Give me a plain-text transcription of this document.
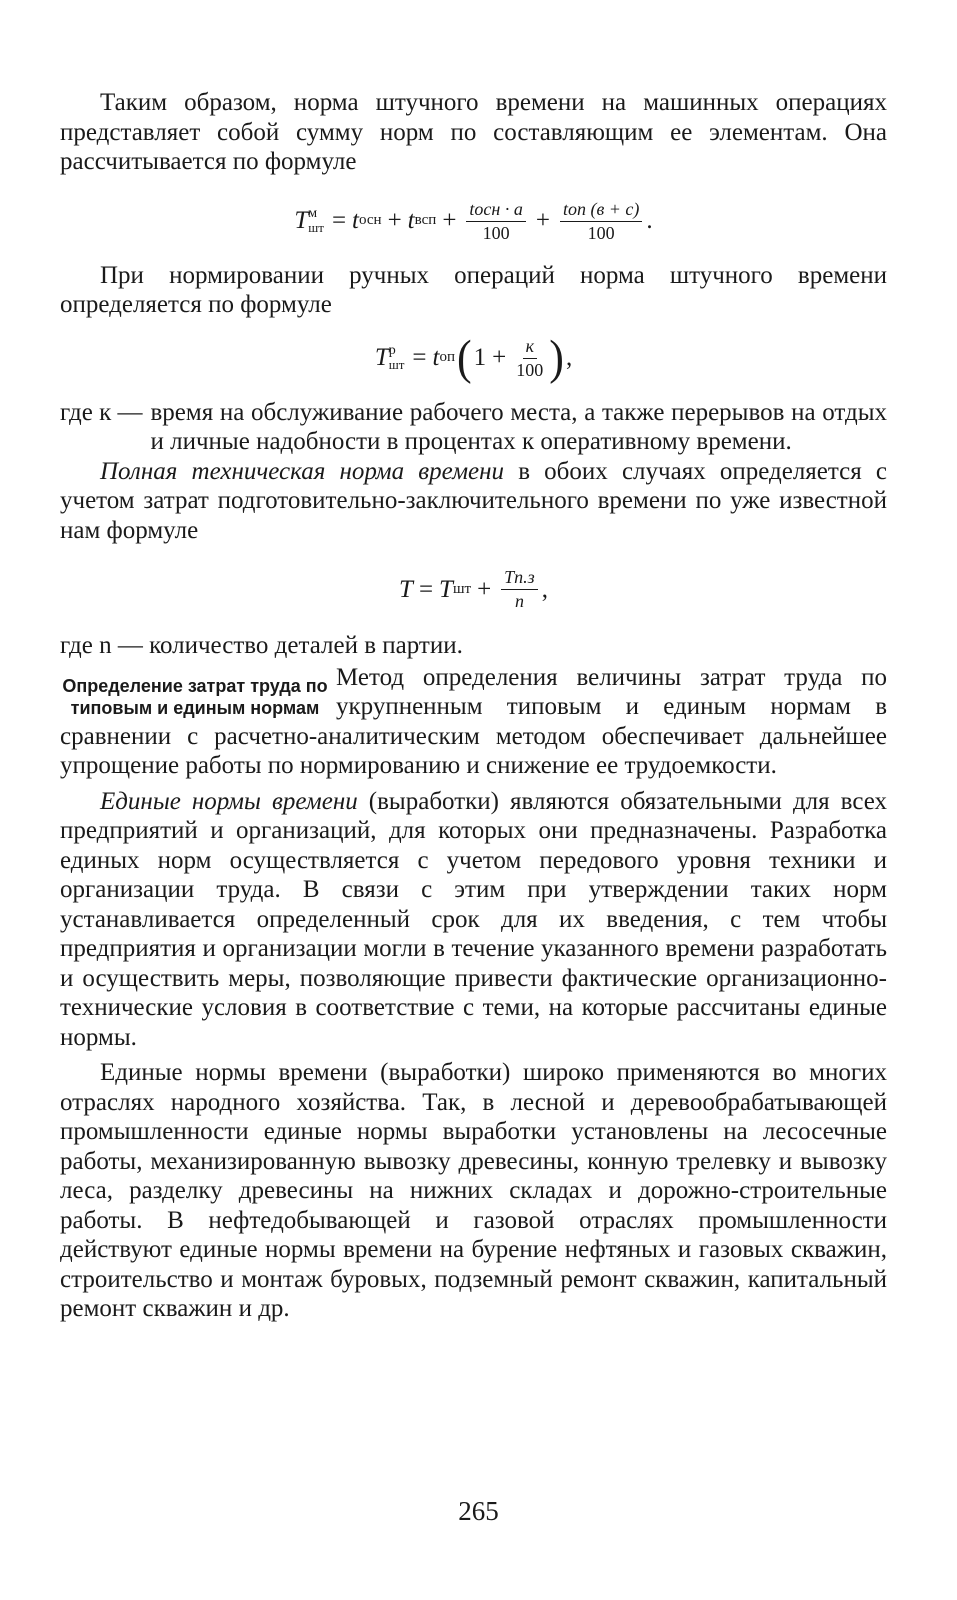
Таким образом, норма штучного времени на машинных операциях представляет собой сумму норм по составляющим ее элементам. Она рассчитывается по формуле

T м
шт = t осн + t всп + $\frac{\text{tосн · a}}{100} + \frac{\text{tоп (в + с)}}{100}$ .

При нормировании ручных операций норма штучного времени определяется по формуле

T р
шт = t оп ( $1 + \frac{к}{100}$ ) ,
где к — время на обслуживание рабочего места, а также перерывов на отдых и личные надобности в процентах к оперативному времени.

Полная техническая норма времени в обоих случаях определяется с учетом затрат подготовительно-заключительного времени по уже известной нам формуле

T = T шт + $\frac{Tп.з}{n}$ ,

где n — количество деталей в партии.

Определение затрат труда по типовым и единым нормам

Метод определения величины затрат труда по укрупненным типовым и единым нормам в сравнении с расчетно-аналитическим методом обеспечивает дальнейшее упрощение работы по нормированию и снижение ее трудоемкости.

Единые нормы времени (выработки) являются обязательными для всех предприятий и организаций, для которых они предназначены. Разработка единых норм осуществляется с учетом передового уровня техники и организации труда. В связи с этим при утверждении таких норм устанавливается определенный срок для их введения, с тем чтобы предприятия и организации могли в течение указанного времени разработать и осуществить меры, позволяющие привести фактические организационно-технические условия в соответствие с теми, на которые рассчитаны единые нормы.

Единые нормы времени (выработки) широко применяются во многих отраслях народного хозяйства. Так, в лесной и деревообрабатывающей промышленности единые нормы выработки установлены на лесосечные работы, механизированную вывозку древесины, конную трелевку и вывозку леса, разделку древесины на нижних складах и дорожно-строительные работы. В нефтедобывающей и газовой отраслях промышленности действуют единые нормы времени на бурение нефтяных и газовых скважин, строительство и монтаж буровых, подземный ремонт скважин, капитальный ремонт скважин и др.

265
